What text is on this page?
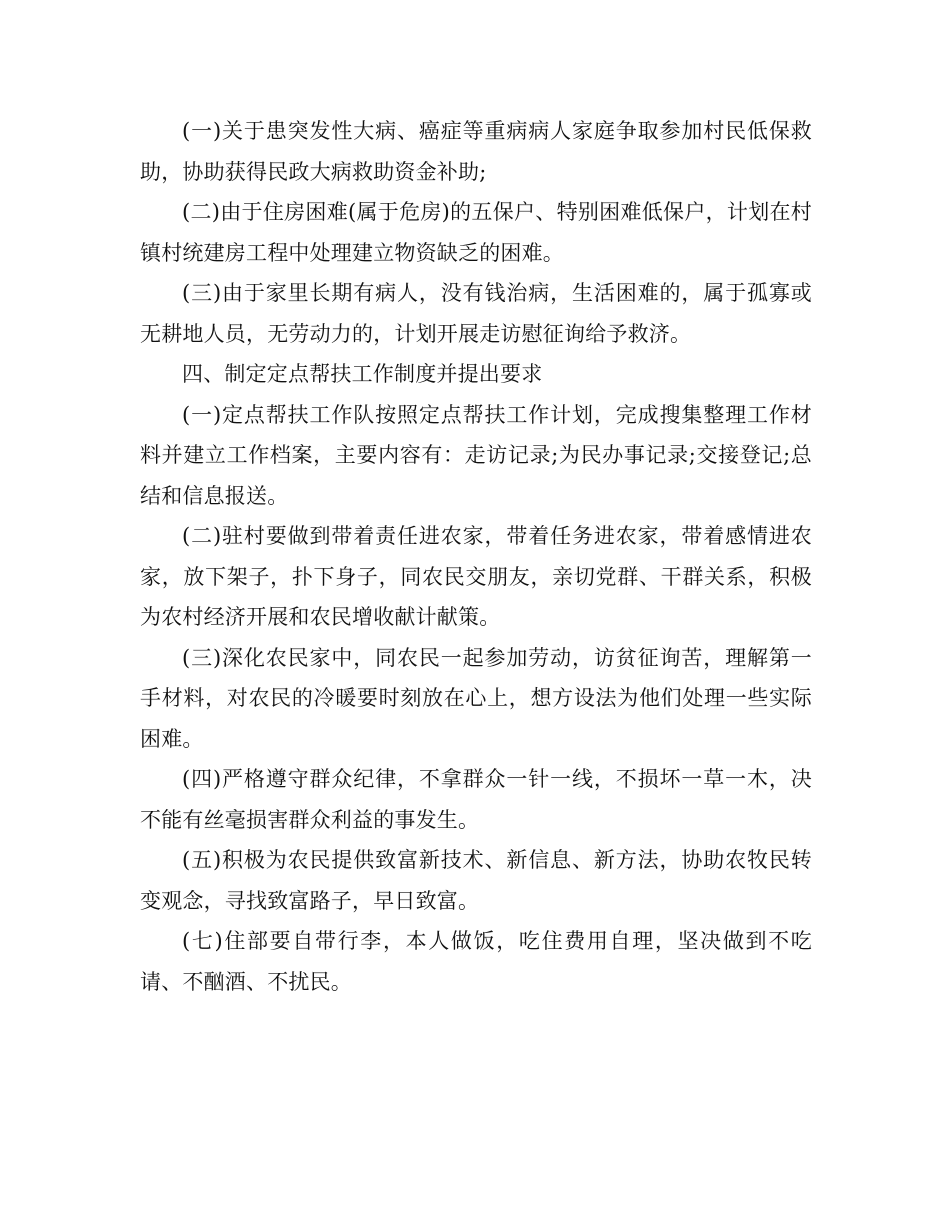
(一)关于患突发性大病、癌症等重病病人家庭争取参加村民低保救助，协助获得民政大病救助资金补助;

(二)由于住房困难(属于危房)的五保户、特别困难低保户，计划在村镇村统建房工程中处理建立物资缺乏的困难。

(三)由于家里长期有病人，没有钱治病，生活困难的，属于孤寡或无耕地人员，无劳动力的，计划开展走访慰征询给予救济。

四、制定定点帮扶工作制度并提出要求

(一)定点帮扶工作队按照定点帮扶工作计划，完成搜集整理工作材料并建立工作档案，主要内容有：走访记录;为民办事记录;交接登记;总结和信息报送。

(二)驻村要做到带着责任进农家，带着任务进农家，带着感情进农家，放下架子，扑下身子，同农民交朋友，亲切党群、干群关系，积极为农村经济开展和农民增收献计献策。

(三)深化农民家中，同农民一起参加劳动，访贫征询苦，理解第一手材料，对农民的冷暖要时刻放在心上，想方设法为他们处理一些实际困难。

(四)严格遵守群众纪律，不拿群众一针一线，不损坏一草一木，决不能有丝毫损害群众利益的事发生。

(五)积极为农民提供致富新技术、新信息、新方法，协助农牧民转变观念，寻找致富路子，早日致富。

(七)住部要自带行李，本人做饭，吃住费用自理，坚决做到不吃请、不酗酒、不扰民。
